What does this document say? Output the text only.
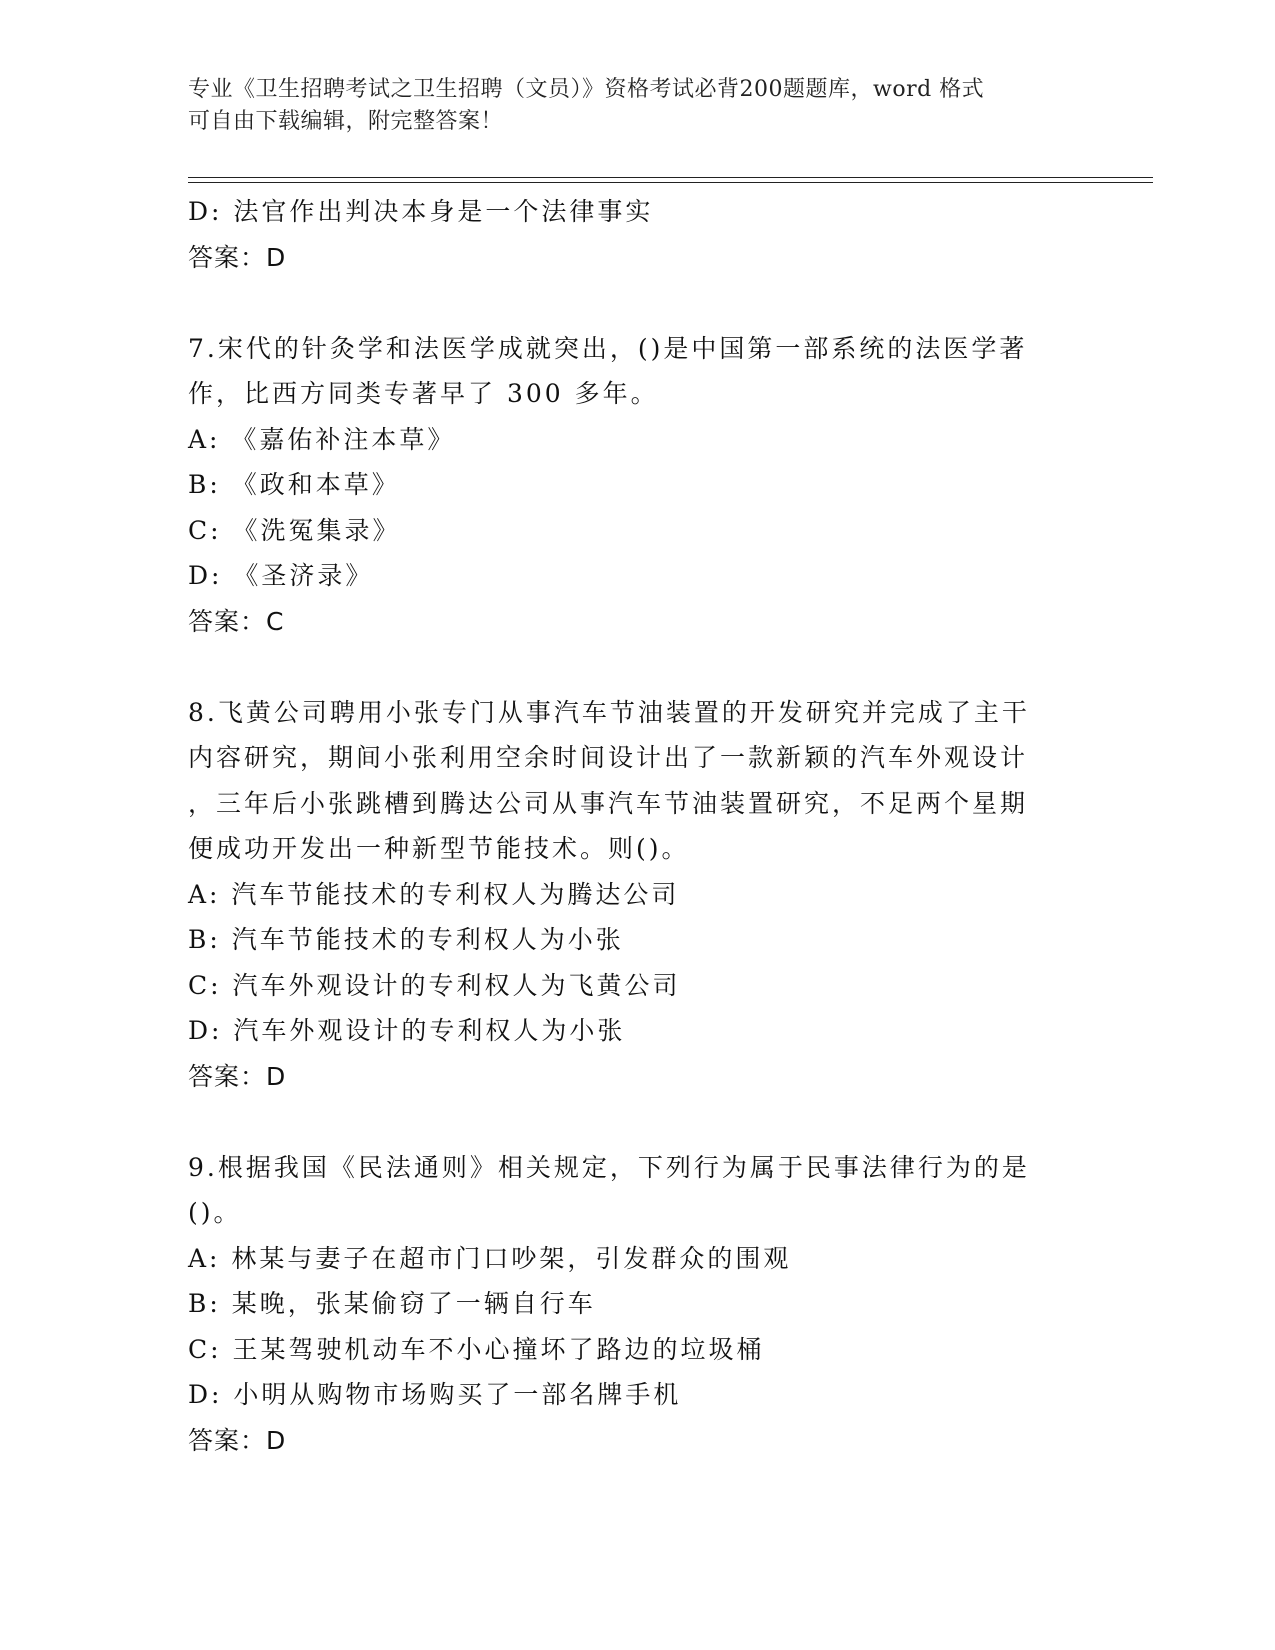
专业《卫生招聘考试之卫生招聘（文员）》资格考试必背200题题库，word 格式
可自由下载编辑，附完整答案！
D: 法官作出判决本身是一个法律事实
答案：D
7.宋代的针灸学和法医学成就突出，()是中国第一部系统的法医学著
作，比西方同类专著早了 300 多年。
A: 《嘉佑补注本草》
B: 《政和本草》
C: 《洗冤集录》
D: 《圣济录》
答案：C
8.飞黄公司聘用小张专门从事汽车节油装置的开发研究并完成了主干
内容研究，期间小张利用空余时间设计出了一款新颖的汽车外观设计
，三年后小张跳槽到腾达公司从事汽车节油装置研究，不足两个星期
便成功开发出一种新型节能技术。则()。
A: 汽车节能技术的专利权人为腾达公司
B: 汽车节能技术的专利权人为小张
C: 汽车外观设计的专利权人为飞黄公司
D: 汽车外观设计的专利权人为小张
答案：D
9.根据我国《民法通则》相关规定，下列行为属于民事法律行为的是
()。
A: 林某与妻子在超市门口吵架，引发群众的围观
B: 某晚，张某偷窃了一辆自行车
C: 王某驾驶机动车不小心撞坏了路边的垃圾桶
D: 小明从购物市场购买了一部名牌手机
答案：D
